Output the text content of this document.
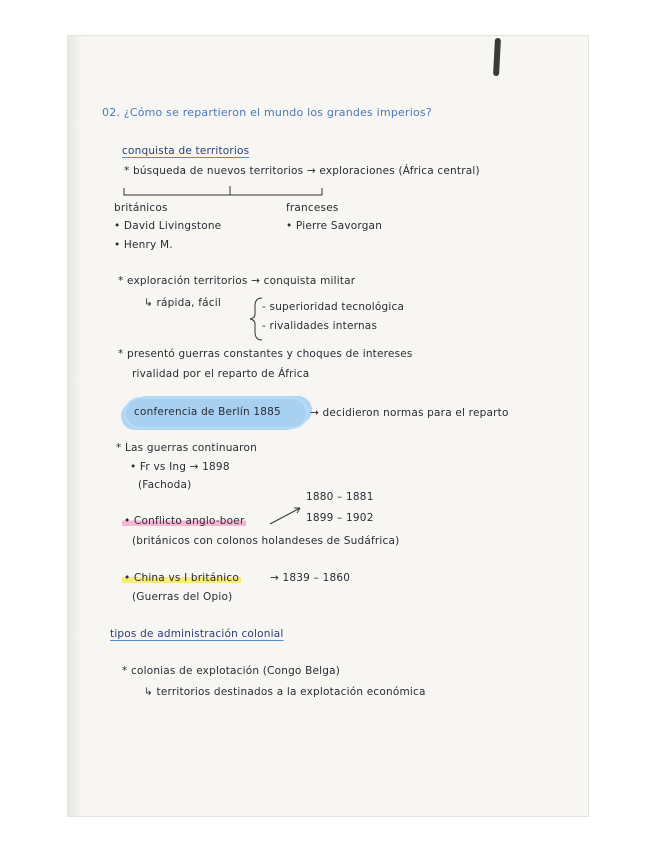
02. ¿Cómo se repartieron el mundo los grandes imperios?
conquista de territorios
* búsqueda de nuevos territorios → exploraciones (África central)
británicos	franceses
• David Livingstone
• Henry M.
• Pierre Savorgan
* exploración territorios → conquista militar
↳ rápida, fácil	- superioridad tecnológica
- rivalidades internas
* presentó guerras constantes y choques de intereses
rivalidad por el reparto de África
conferencia de Berlín 1885	→ decidieron normas para el reparto
* Las guerras continuaron
• Fr vs Ing → 1898
(Fachoda)
1880 – 1881
1899 – 1902
• Conflicto anglo-boer
(británicos con colonos holandeses de Sudáfrica)
• China vs I británico	→ 1839 – 1860
(Guerras del Opio)
tipos de administración colonial
* colonias de explotación (Congo Belga)
↳ territorios destinados a la explotación económica
